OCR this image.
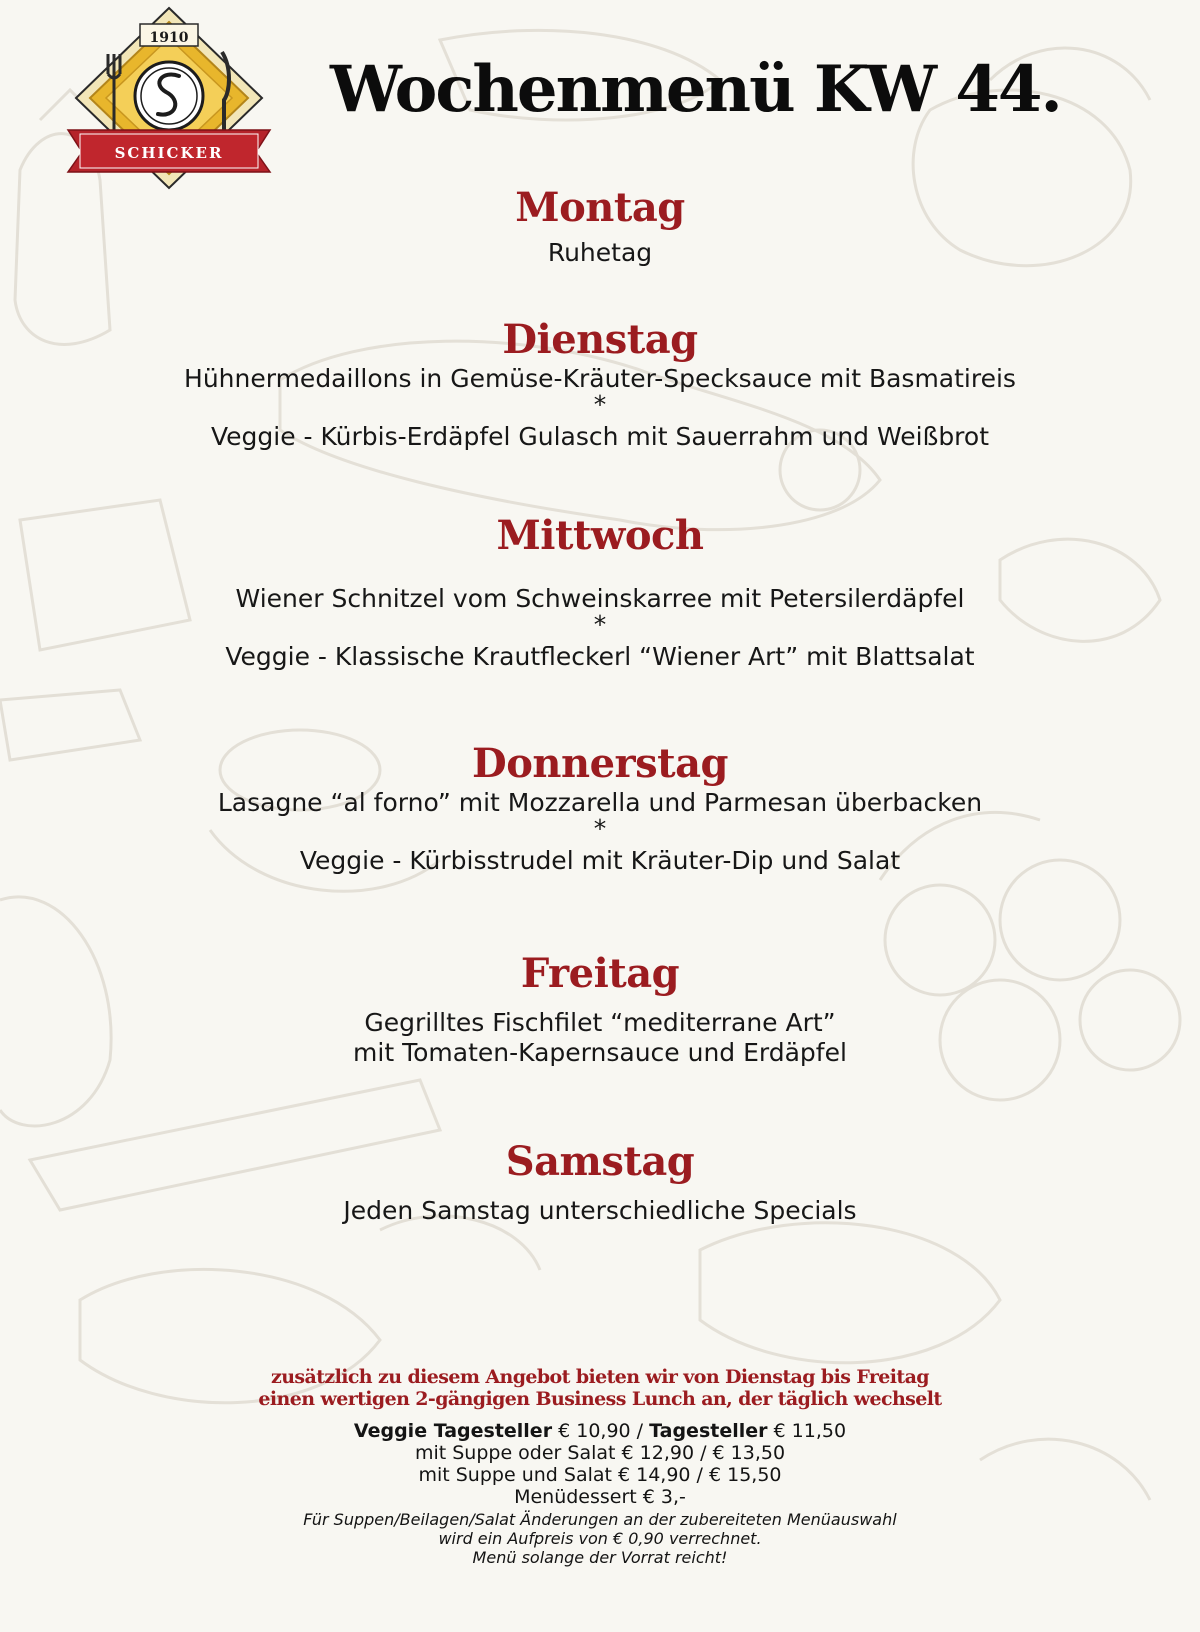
1910
SCHICKER
Wochenmenü KW 44.
Montag
Ruhetag
Dienstag
Hühnermedaillons in Gemüse-Kräuter-Specksauce mit Basmatireis
*
Veggie - Kürbis-Erdäpfel Gulasch mit Sauerrahm und Weißbrot
Mittwoch
Wiener Schnitzel vom Schweinskarree mit Petersilerdäpfel
*
Veggie - Klassische Krautfleckerl “Wiener Art” mit Blattsalat
Donnerstag
Lasagne “al forno” mit Mozzarella und Parmesan überbacken
*
Veggie - Kürbisstrudel mit Kräuter-Dip und Salat
Freitag
Gegrilltes Fischfilet “mediterrane Art”
mit Tomaten-Kapernsauce und Erdäpfel
Samstag
Jeden Samstag unterschiedliche Specials
zusätzlich zu diesem Angebot bieten wir von Dienstag bis Freitag
einen wertigen 2-gängigen Business Lunch an, der täglich wechselt
Veggie Tagesteller € 10,90 / Tagesteller € 11,50
mit Suppe oder Salat € 12,90 / € 13,50
mit Suppe und Salat € 14,90 / € 15,50
Menüdessert € 3,-
Für Suppen/Beilagen/Salat Änderungen an der zubereiteten Menüauswahl
wird ein Aufpreis von € 0,90 verrechnet.
Menü solange der Vorrat reicht!
